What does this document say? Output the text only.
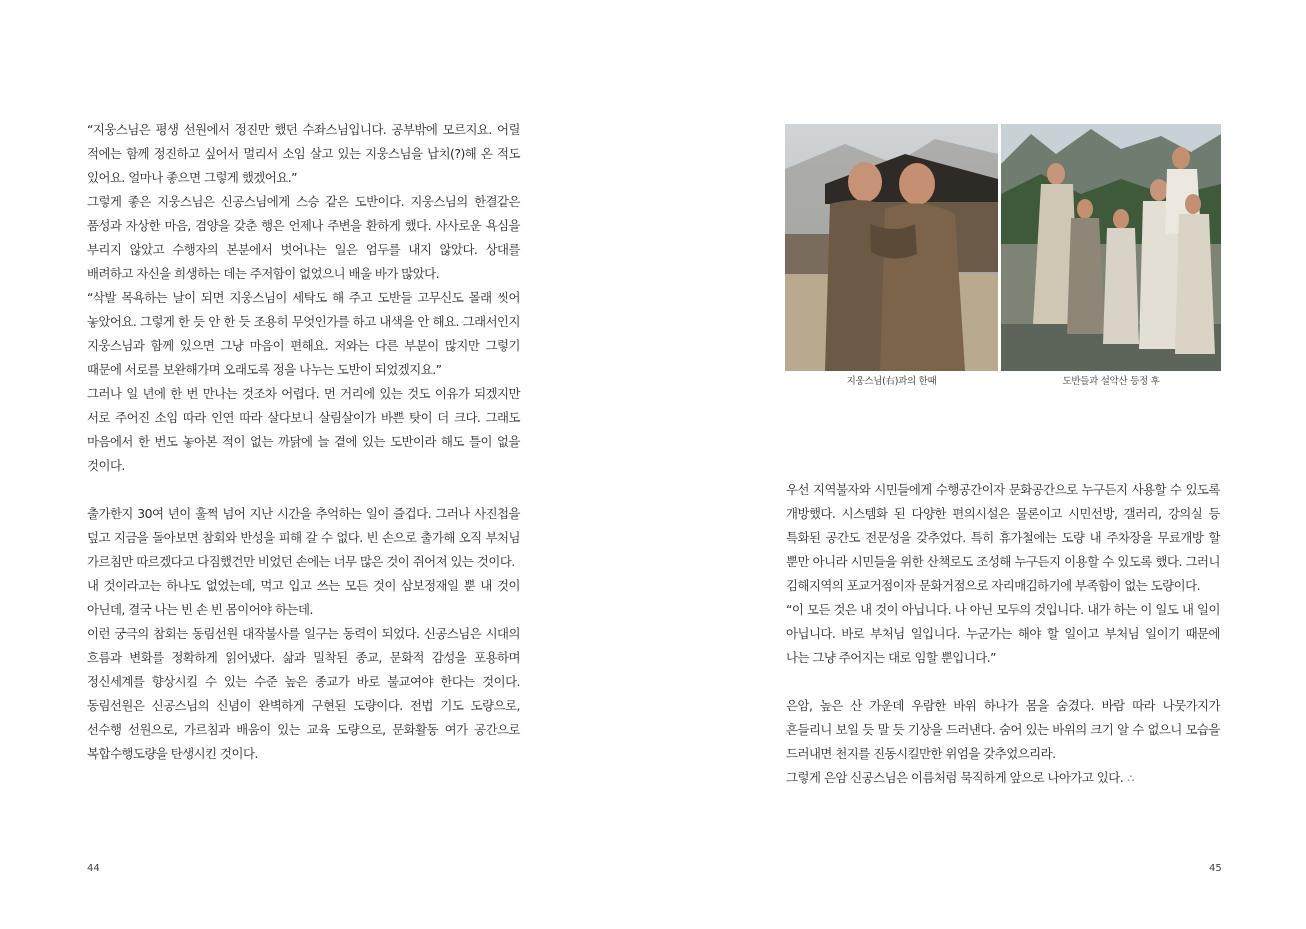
“지웅스님은 평생 선원에서 정진만 했던 수좌스님입니다. 공부밖에 모르지요. 어릴 적에는 함께 정진하고 싶어서 멀리서 소임 살고 있는 지웅스님을 납치(?)해 온 적도 있어요. 얼마나 좋으면 그렇게 했겠어요.”

그렇게 좋은 지웅스님은 신공스님에게 스승 같은 도반이다. 지웅스님의 한결같은 품성과 자상한 마음, 겸양을 갖춘 행은 언제나 주변을 환하게 했다. 사사로운 욕심을 부리지 않았고 수행자의 본분에서 벗어나는 일은 엄두를 내지 않았다. 상대를 배려하고 자신을 희생하는 데는 주저함이 없었으니 배울 바가 많았다.

“삭발 목욕하는 날이 되면 지웅스님이 세탁도 해 주고 도반들 고무신도 몰래 씻어 놓았어요. 그렇게 한 듯 안 한 듯 조용히 무엇인가를 하고 내색을 안 해요. 그래서인지 지웅스님과 함께 있으면 그냥 마음이 편해요. 저와는 다른 부분이 많지만 그렇기 때문에 서로를 보완해가며 오래도록 정을 나누는 도반이 되었겠지요.”

그러나 일 년에 한 번 만나는 것조차 어렵다. 먼 거리에 있는 것도 이유가 되겠지만 서로 주어진 소임 따라 인연 따라 살다보니 살림살이가 바쁜 탓이 더 크다. 그래도 마음에서 한 번도 놓아본 적이 없는 까닭에 늘 곁에 있는 도반이라 해도 틀이 없을 것이다.

출가한지 30여 년이 훌쩍 넘어 지난 시간을 추억하는 일이 즐겁다. 그러나 사진첩을 덮고 지금을 돌아보면 참회와 반성을 피해 갈 수 없다. 빈 손으로 출가해 오직 부처님 가르침만 따르겠다고 다짐했건만 비었던 손에는 너무 많은 것이 쥐어져 있는 것이다.

내 것이라고는 하나도 없었는데, 먹고 입고 쓰는 모든 것이 삼보정재일 뿐 내 것이 아닌데, 결국 나는 빈 손 빈 몸이어야 하는데.

이런 궁극의 참회는 동림선원 대작불사를 일구는 동력이 되었다. 신공스님은 시대의 흐름과 변화를 정확하게 읽어냈다. 삶과 밀착된 종교, 문화적 감성을 포용하며 정신세계를 향상시킬 수 있는 수준 높은 종교가 바로 불교여야 한다는 것이다. 동림선원은 신공스님의 신념이 완벽하게 구현된 도량이다. 전법 기도 도량으로, 선수행 선원으로, 가르침과 배움이 있는 교육 도량으로, 문화활동 여가 공간으로 복합수행도량을 탄생시킨 것이다.

44
지웅스님(右)과의 한때	도반들과 설악산 등정 후

우선 지역불자와 시민들에게 수행공간이자 문화공간으로 누구든지 사용할 수 있도록 개방했다. 시스템화 된 다양한 편의시설은 물론이고 시민선방, 갤러리, 강의실 등 특화된 공간도 전문성을 갖추었다. 특히 휴가철에는 도량 내 주차장을 무료개방 할 뿐만 아니라 시민들을 위한 산책로도 조성해 누구든지 이용할 수 있도록 했다. 그러니 김해지역의 포교거점이자 문화거점으로 자리매김하기에 부족함이 없는 도량이다.

“이 모든 것은 내 것이 아닙니다. 나 아닌 모두의 것입니다. 내가 하는 이 일도 내 일이 아닙니다. 바로 부처님 일입니다. 누군가는 해야 할 일이고 부처님 일이기 때문에 나는 그냥 주어지는 대로 임할 뿐입니다.”

은암, 높은 산 가운데 우람한 바위 하나가 몸을 숨겼다. 바람 따라 나뭇가지가 흔들리니 보일 듯 말 듯 기상을 드러낸다. 숨어 있는 바위의 크기 알 수 없으니 모습을 드러내면 천지를 진동시킬만한 위엄을 갖추었으리라.

그렇게 은암 신공스님은 이름처럼 묵직하게 앞으로 나아가고 있다. ⛬

45
